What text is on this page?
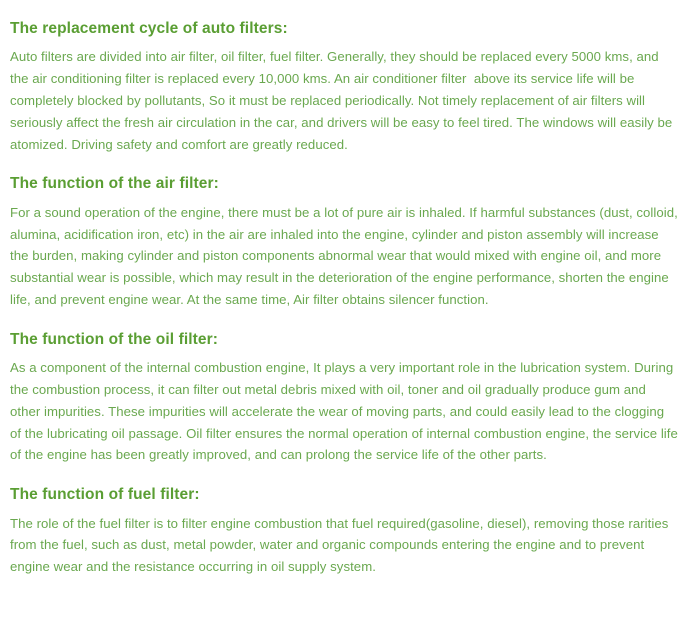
The replacement cycle of auto filters:

Auto filters are divided into air filter, oil filter, fuel filter. Generally, they should be replaced every 5000 kms, and the air conditioning filter is replaced every 10,000 kms. An air conditioner filter  above its service life will be completely blocked by pollutants, So it must be replaced periodically. Not timely replacement of air filters will seriously affect the fresh air circulation in the car, and drivers will be easy to feel tired. The windows will easily be atomized. Driving safety and comfort are greatly reduced.

The function of the air filter:

For a sound operation of the engine, there must be a lot of pure air is inhaled. If harmful substances (dust, colloid, alumina, acidification iron, etc) in the air are inhaled into the engine, cylinder and piston assembly will increase the burden, making cylinder and piston components abnormal wear that would mixed with engine oil, and more substantial wear is possible, which may result in the deterioration of the engine performance, shorten the engine life, and prevent engine wear. At the same time, Air filter obtains silencer function.

The function of the oil filter:

As a component of the internal combustion engine, It plays a very important role in the lubrication system. During the combustion process, it can filter out metal debris mixed with oil, toner and oil gradually produce gum and other impurities. These impurities will accelerate the wear of moving parts, and could easily lead to the clogging of the lubricating oil passage. Oil filter ensures the normal operation of internal combustion engine, the service life of the engine has been greatly improved, and can prolong the service life of the other parts.

The function of fuel filter:

The role of the fuel filter is to filter engine combustion that fuel required(gasoline, diesel), removing those rarities from the fuel, such as dust, metal powder, water and organic compounds entering the engine and to prevent engine wear and the resistance occurring in oil supply system.
